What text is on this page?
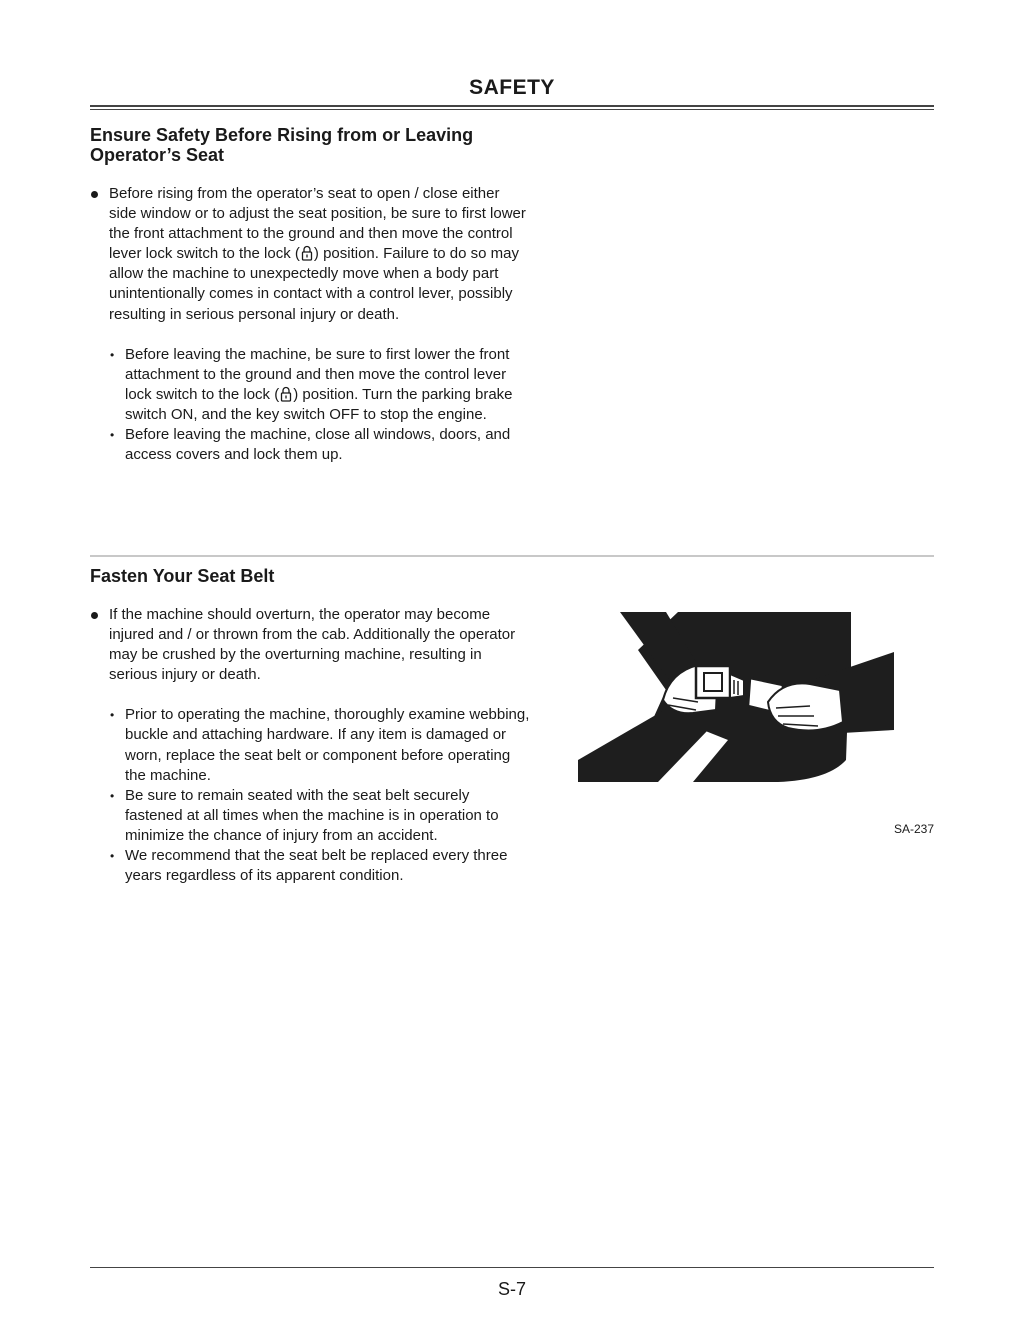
SAFETY
Ensure Safety Before Rising from or Leaving Operator’s Seat
Before rising from the operator’s seat to open / close either side window or to adjust the seat position, be sure to first lower the front attachment to the ground and then move the control lever lock switch to the lock ( ) position. Failure to do so may allow the machine to unexpectedly move when a body part unintentionally comes in contact with a control lever, possibly resulting in serious personal injury or death.
• Before leaving the machine, be sure to first lower the front attachment to the ground and then move the control lever lock switch to the lock ( ) position. Turn the parking brake switch ON, and the key switch OFF to stop the engine.
• Before leaving the machine, close all windows, doors, and access covers and lock them up.
Fasten Your Seat Belt
If the machine should overturn, the operator may become injured and / or thrown from the cab. Additionally the operator may be crushed by the overturning machine, resulting in serious injury or death.
• Prior to operating the machine, thoroughly examine webbing, buckle and attaching hardware. If any item is damaged or worn, replace the seat belt or component before operating the machine.
• Be sure to remain seated with the seat belt securely fastened at all times when the machine is in operation to minimize the chance of injury from an accident.
• We recommend that the seat belt be replaced every three years regardless of its apparent condition.
SA-237
S-7
